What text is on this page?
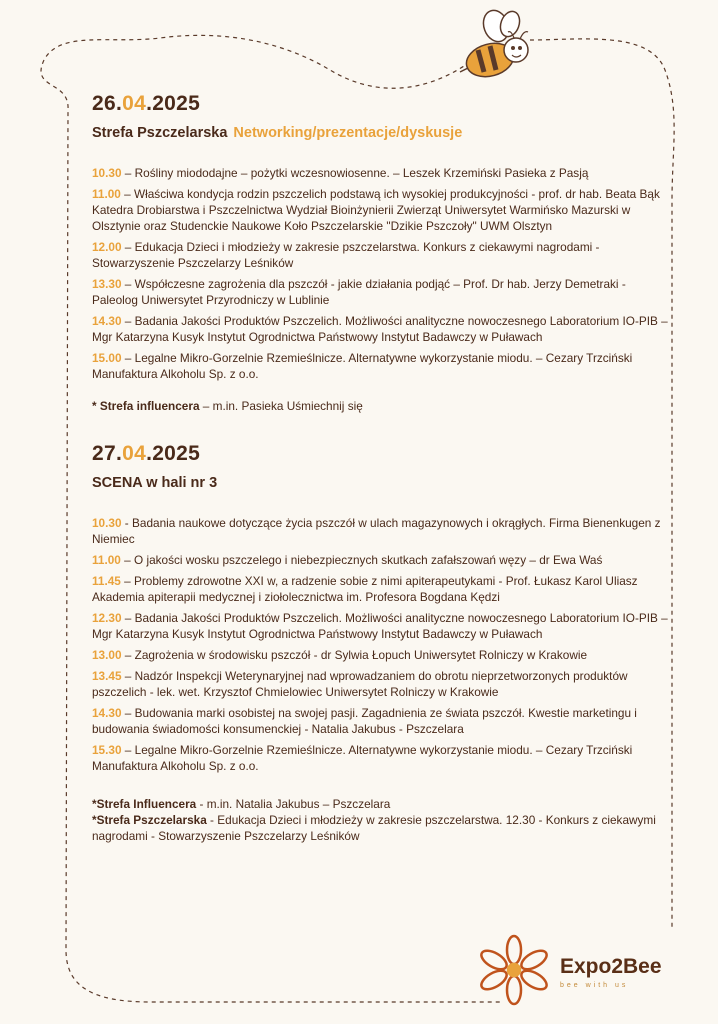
26.04.2025
Strefa Pszczelarska Networking/prezentacje/dyskusje
10.30 – Rośliny miododajne – pożytki wczesnowiosenne. – Leszek Krzemiński Pasieka z Pasją
11.00 – Właściwa kondycja rodzin pszczelich podstawą ich wysokiej produkcyjności - prof. dr hab. Beata Bąk Katedra Drobiarstwa i Pszczelnictwa Wydział Bioinżynierii Zwierząt Uniwersytet Warmińsko Mazurski w Olsztynie oraz Studenckie Naukowe Koło Pszczelarskie "Dzikie Pszczoły" UWM Olsztyn
12.00 – Edukacja Dzieci i młodzieży w zakresie pszczelarstwa. Konkurs z ciekawymi nagrodami - Stowarzyszenie Pszczelarzy Leśników
13.30 – Współczesne zagrożenia dla pszczół - jakie działania podjąć – Prof. Dr hab. Jerzy Demetraki - Paleolog Uniwersytet Przyrodniczy w Lublinie
14.30 – Badania Jakości Produktów Pszczelich. Możliwości analityczne nowoczesnego Laboratorium IO-PIB – Mgr Katarzyna Kusyk Instytut Ogrodnictwa Państwowy Instytut Badawczy w Puławach
15.00 – Legalne Mikro-Gorzelnie Rzemieślnicze. Alternatywne wykorzystanie miodu. – Cezary Trzciński Manufaktura Alkoholu Sp. z o.o.
* Strefa influencera – m.in. Pasieka Uśmiechnij się
27.04.2025
SCENA w hali nr 3
10.30 - Badania naukowe dotyczące życia pszczół w ulach magazynowych i okrągłych. Firma Bienenkugen z Niemiec
11.00 – O jakości wosku pszczelego i niebezpiecznych skutkach zafałszowań węzy – dr Ewa Waś
11.45 – Problemy zdrowotne XXI w, a radzenie sobie z nimi apiterapeutykami - Prof. Łukasz Karol Uliasz Akademia apiterapii medycznej i ziołolecznictwa im. Profesora Bogdana Kędzi
12.30 – Badania Jakości Produktów Pszczelich. Możliwości analityczne nowoczesnego Laboratorium IO-PIB – Mgr Katarzyna Kusyk Instytut Ogrodnictwa Państwowy Instytut Badawczy w Puławach
13.00 – Zagrożenia w środowisku pszczół - dr Sylwia Łopuch Uniwersytet Rolniczy w Krakowie
13.45 – Nadzór Inspekcji Weterynaryjnej nad wprowadzaniem do obrotu nieprzetworzonych produktów pszczelich - lek. wet. Krzysztof Chmielowiec Uniwersytet Rolniczy w Krakowie
14.30 – Budowania marki osobistej na swojej pasji. Zagadnienia ze świata pszczół. Kwestie marketingu i budowania świadomości konsumenckiej - Natalia Jakubus - Pszczelara
15.30 – Legalne Mikro-Gorzelnie Rzemieślnicze. Alternatywne wykorzystanie miodu. – Cezary Trzciński Manufaktura Alkoholu Sp. z o.o.
*Strefa Influencera - m.in. Natalia Jakubus – Pszczelara
*Strefa Pszczelarska - Edukacja Dzieci i młodzieży w zakresie pszczelarstwa. 12.30 - Konkurs z ciekawymi nagrodami - Stowarzyszenie Pszczelarzy Leśników
Expo2Bee
bee with us
